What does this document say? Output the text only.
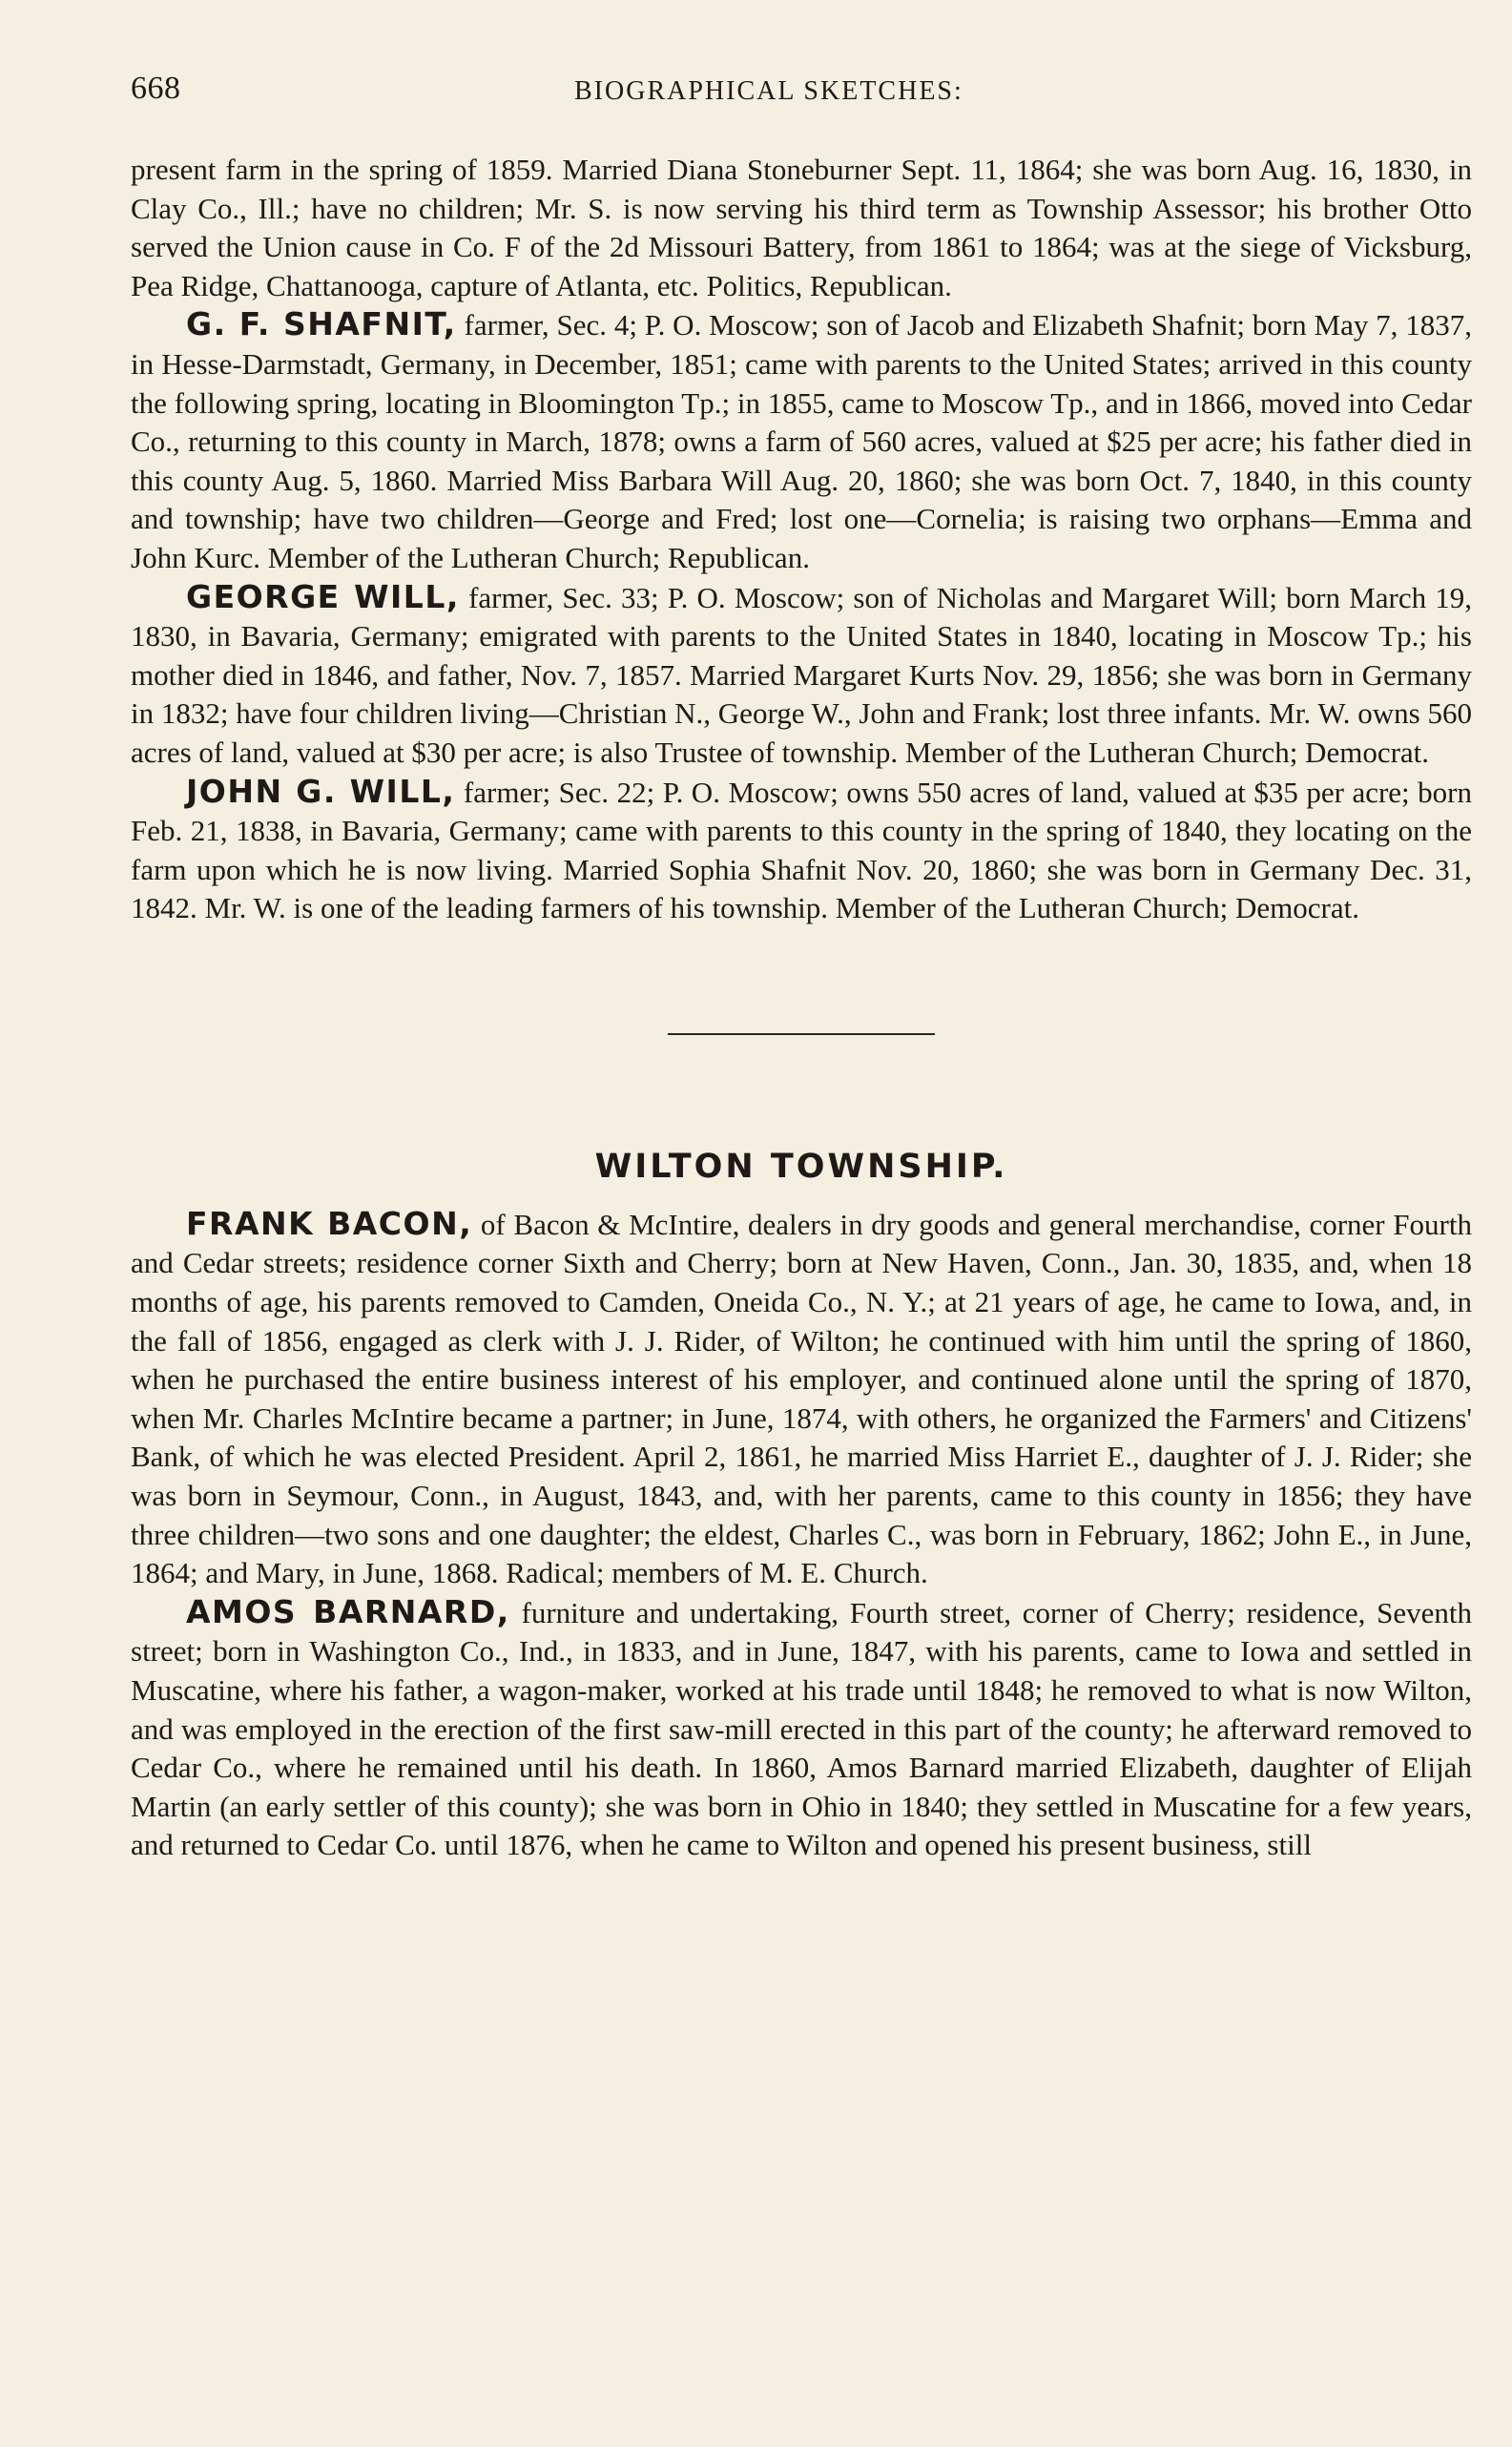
668	BIOGRAPHICAL SKETCHES:

present farm in the spring of 1859. Married Diana Stoneburner Sept. 11, 1864; she was born Aug. 16, 1830, in Clay Co., Ill.; have no children; Mr. S. is now serving his third term as Township Assessor; his brother Otto served the Union cause in Co. F of the 2d Missouri Battery, from 1861 to 1864; was at the siege of Vicksburg, Pea Ridge, Chattanooga, capture of Atlanta, etc. Politics, Republican.

G. F. SHAFNIT, farmer, Sec. 4; P. O. Moscow; son of Jacob and Elizabeth Shafnit; born May 7, 1837, in Hesse-Darmstadt, Germany, in December, 1851; came with parents to the United States; arrived in this county the following spring, locating in Bloomington Tp.; in 1855, came to Moscow Tp., and in 1866, moved into Cedar Co., returning to this county in March, 1878; owns a farm of 560 acres, valued at $25 per acre; his father died in this county Aug. 5, 1860. Married Miss Barbara Will Aug. 20, 1860; she was born Oct. 7, 1840, in this county and township; have two children—George and Fred; lost one—Cornelia; is raising two orphans—Emma and John Kurc. Member of the Lutheran Church; Republican.

GEORGE WILL, farmer, Sec. 33; P. O. Moscow; son of Nicholas and Margaret Will; born March 19, 1830, in Bavaria, Germany; emigrated with parents to the United States in 1840, locating in Moscow Tp.; his mother died in 1846, and father, Nov. 7, 1857. Married Margaret Kurts Nov. 29, 1856; she was born in Germany in 1832; have four children living—Christian N., George W., John and Frank; lost three infants. Mr. W. owns 560 acres of land, valued at $30 per acre; is also Trustee of township. Member of the Lutheran Church; Democrat.

JOHN G. WILL, farmer; Sec. 22; P. O. Moscow; owns 550 acres of land, valued at $35 per acre; born Feb. 21, 1838, in Bavaria, Germany; came with parents to this county in the spring of 1840, they locating on the farm upon which he is now living. Married Sophia Shafnit Nov. 20, 1860; she was born in Germany Dec. 31, 1842. Mr. W. is one of the leading farmers of his township. Member of the Lutheran Church; Democrat.

WILTON TOWNSHIP.

FRANK BACON, of Bacon & McIntire, dealers in dry goods and general merchandise, corner Fourth and Cedar streets; residence corner Sixth and Cherry; born at New Haven, Conn., Jan. 30, 1835, and, when 18 months of age, his parents removed to Camden, Oneida Co., N. Y.; at 21 years of age, he came to Iowa, and, in the fall of 1856, engaged as clerk with J. J. Rider, of Wilton; he continued with him until the spring of 1860, when he purchased the entire business interest of his employer, and continued alone until the spring of 1870, when Mr. Charles McIntire became a partner; in June, 1874, with others, he organized the Farmers' and Citizens' Bank, of which he was elected President. April 2, 1861, he married Miss Harriet E., daughter of J. J. Rider; she was born in Seymour, Conn., in August, 1843, and, with her parents, came to this county in 1856; they have three children—two sons and one daughter; the eldest, Charles C., was born in February, 1862; John E., in June, 1864; and Mary, in June, 1868. Radical; members of M. E. Church.

AMOS BARNARD, furniture and undertaking, Fourth street, corner of Cherry; residence, Seventh street; born in Washington Co., Ind., in 1833, and in June, 1847, with his parents, came to Iowa and settled in Muscatine, where his father, a wagon-maker, worked at his trade until 1848; he removed to what is now Wilton, and was employed in the erection of the first saw-mill erected in this part of the county; he afterward removed to Cedar Co., where he remained until his death. In 1860, Amos Barnard married Elizabeth, daughter of Elijah Martin (an early settler of this county); she was born in Ohio in 1840; they settled in Muscatine for a few years, and returned to Cedar Co. until 1876, when he came to Wilton and opened his present business, still
